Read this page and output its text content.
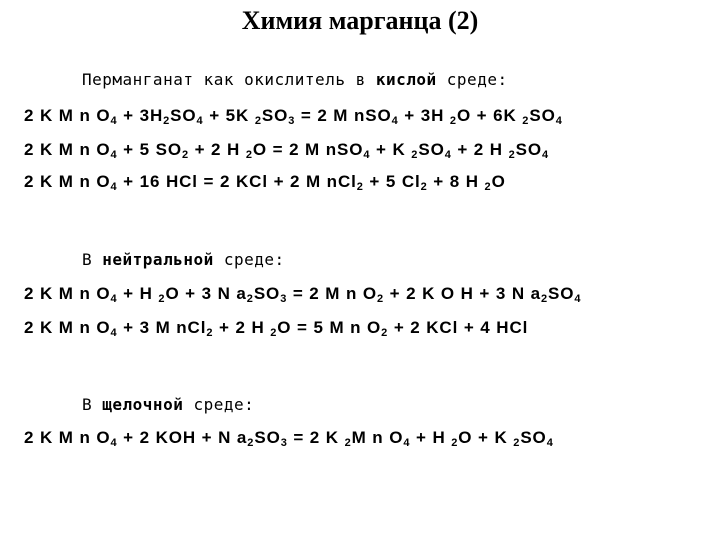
Химия марганца (2)
Перманганат как окислитель в кислой среде:
2 K M n $O_4 + 3H_2SO_4 + 5K$ $_2SO_3 = 2$ M nSO$_4$ + 3H $_2$O + 6K $_2SO_4$
2 K M n $O_4 + 5$ $SO_2 + 2$ H $_2$O = 2 M nSO$_4$ + K $_2SO_4 + 2$ H $_2SO_4$
2 K M n $O_4 + 16$ HCl = 2 KCl + 2 M nCl$_2$ + 5 $Cl_2 + 8$ H $_2$O
В нейтральной среде:
2 K M n $O_4 + H$ $_2$O + 3 N $a_2SO_3 = 2$ M n $O_2 + 2$ K O H + 3 N $a_2SO_4$
2 K M n $O_4 + 3$ M nCl$_2$ + 2 H $_2$O = 5 M n $O_2 + 2$ KCl + 4 HCl
В щелочной среде:
2 K M n $O_4 + 2$ KOH + N $a_2SO_3 = 2$ K $_2$M n $O_4 + H$ $_2$O + K $_2SO_4$
